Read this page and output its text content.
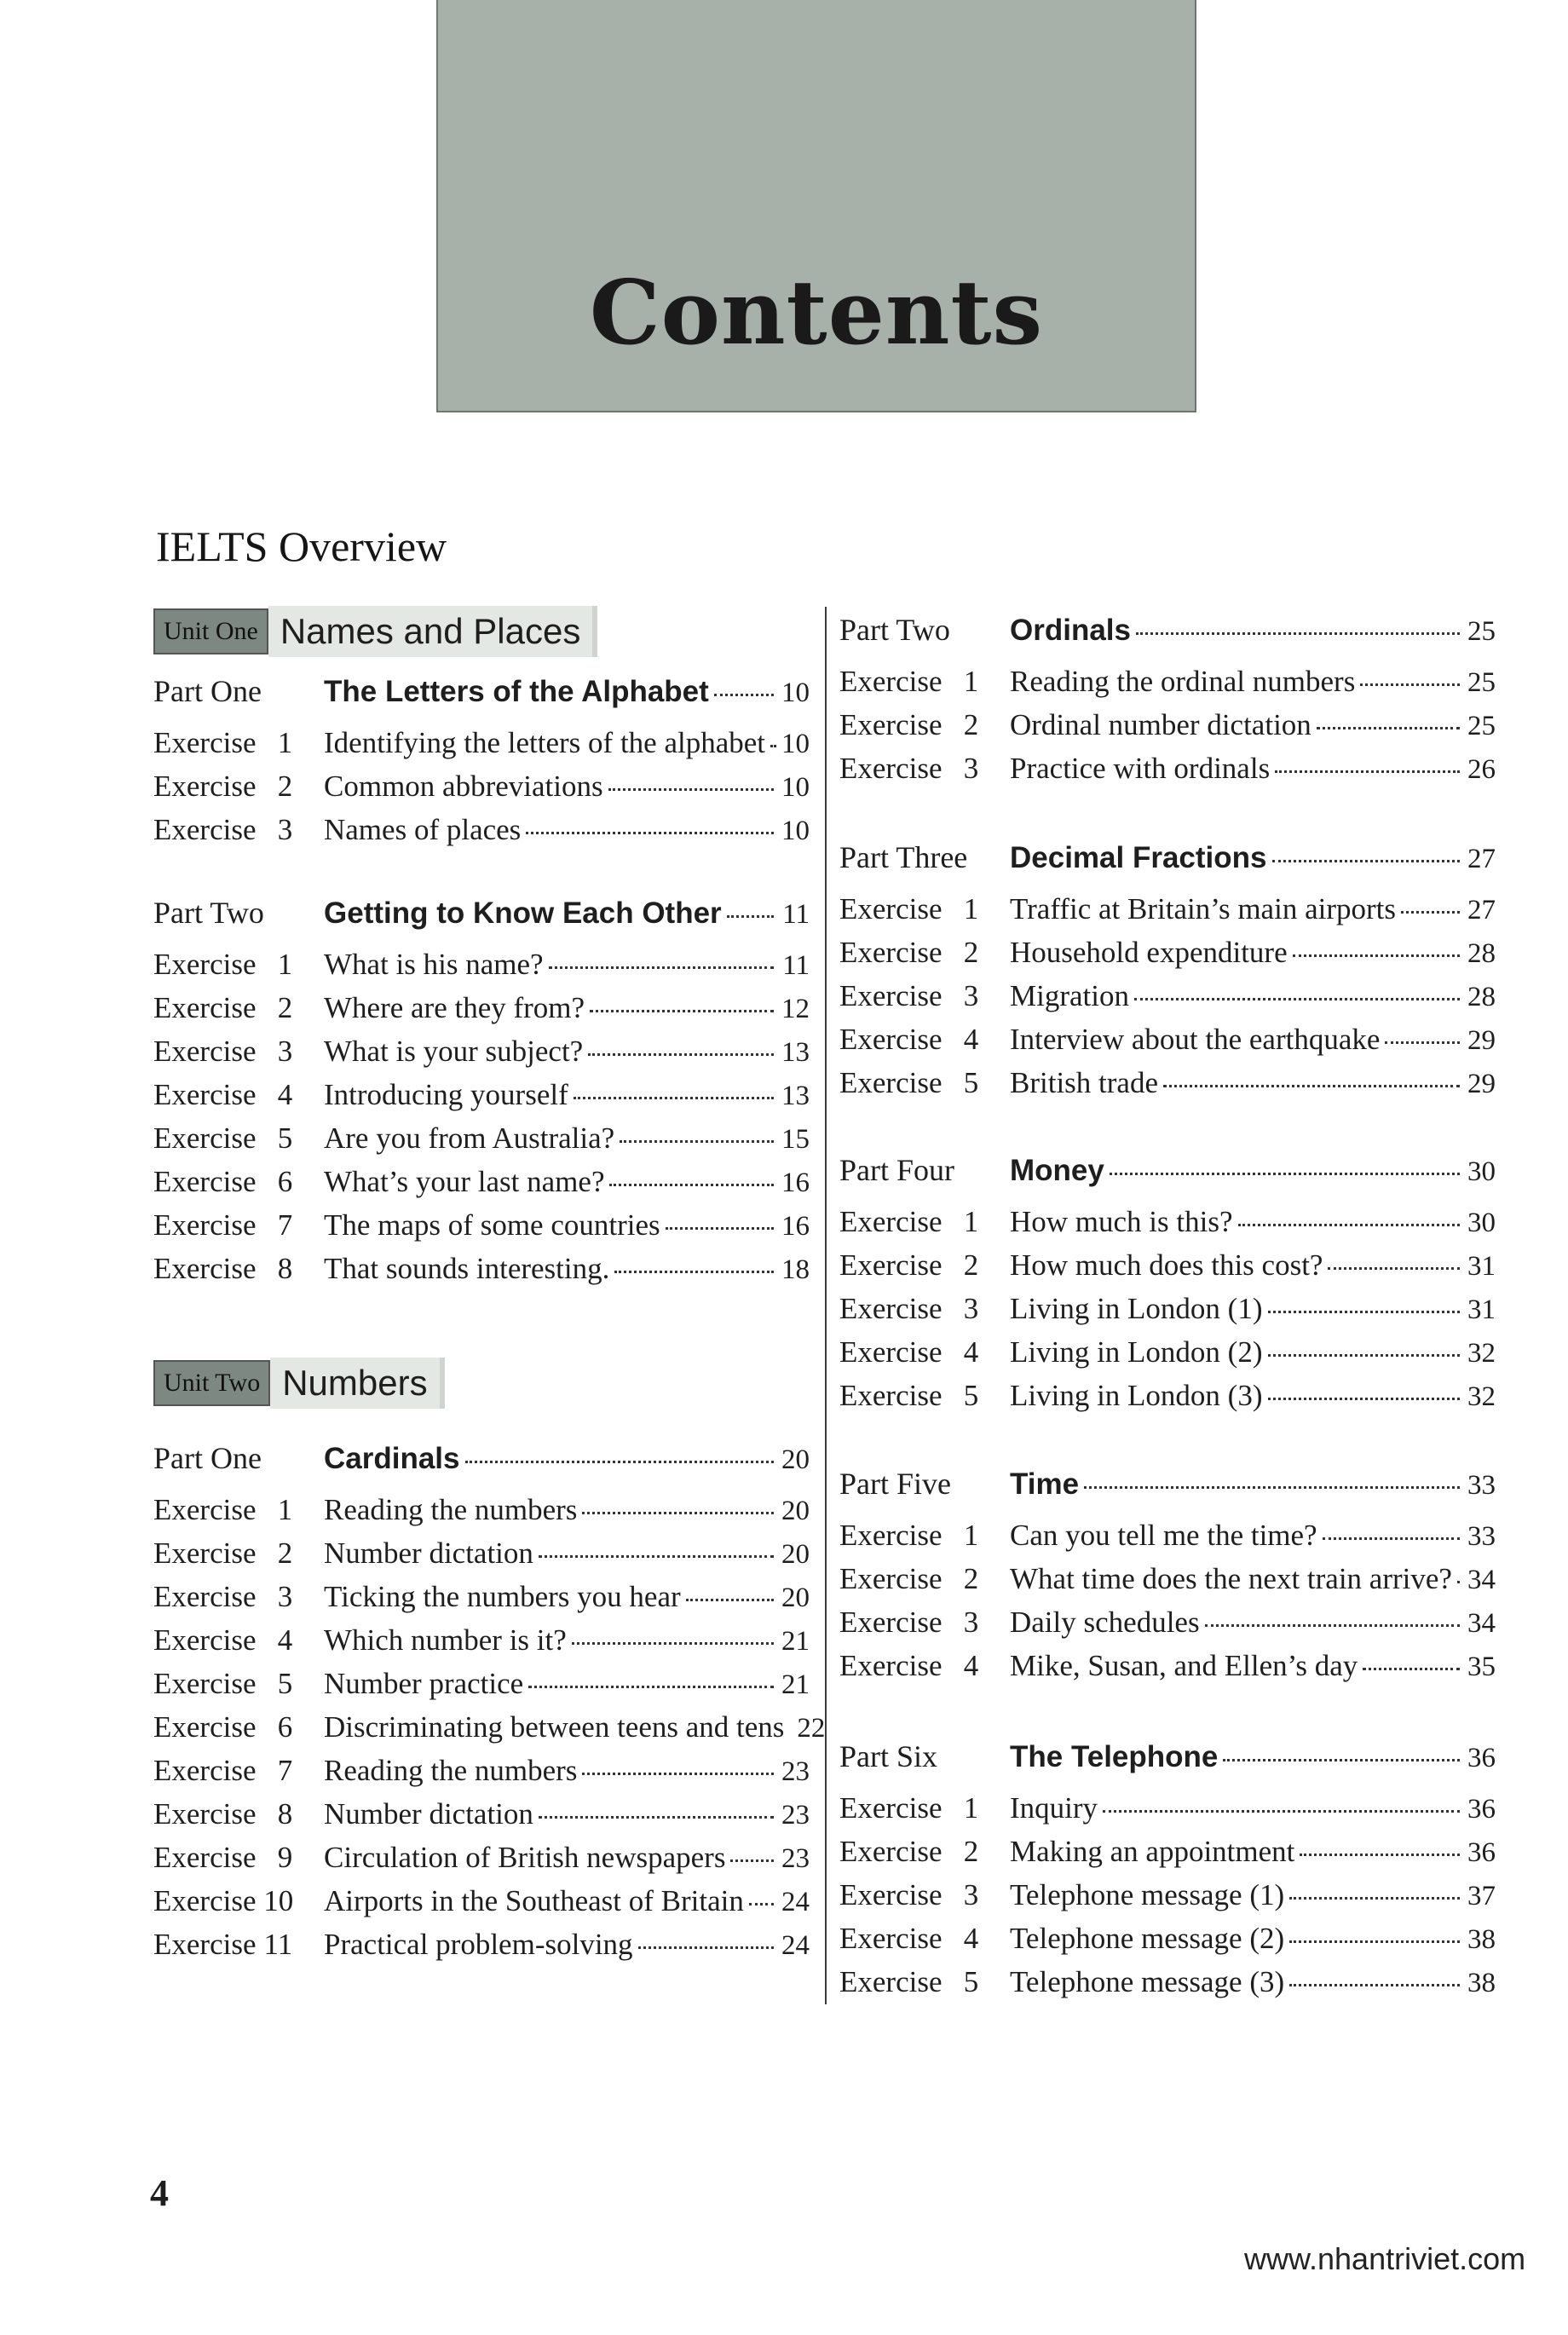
Contents
IELTS Overview
Unit One Names and Places
Part One	The Letters of the Alphabet	10
Exercise 1	Identifying the letters of the alphabet 10
Exercise 2	Common abbreviations	10
Exercise 3	Names of places	10
Part Two	Getting to Know Each Other 11
Exercise 1	What is his name?	11
Exercise 2	Where are they from?	12
Exercise 3	What is your subject?	13
Exercise 4	Introducing yourself	13
Exercise 5	Are you from Australia?	15
Exercise 6	What’s your last name?	16
Exercise 7	The maps of some countries	16
Exercise 8	That sounds interesting.	18
Unit Two Numbers
Part One	Cardinals	20
Exercise 1	Reading the numbers	20
Exercise 2	Number dictation	20
Exercise 3	Ticking the numbers you hear	20
Exercise 4	Which number is it?	21
Exercise 5	Number practice	21
Exercise 6	Discriminating between teens and tens 22
Exercise 7	Reading the numbers	23
Exercise 8	Number dictation	23
Exercise 9	Circulation of British newspapers 23
Exercise 10	Airports in the Southeast of Britain 24
Exercise 11	Practical problem-solving	24
Part Two	Ordinals	25
Exercise 1	Reading the ordinal numbers	25
Exercise 2	Ordinal number dictation	25
Exercise 3	Practice with ordinals	26
Part Three	Decimal Fractions	27
Exercise 1	Traffic at Britain’s main airports	27
Exercise 2	Household expenditure	28
Exercise 3	Migration	28
Exercise 4	Interview about the earthquake	29
Exercise 5	British trade	29
Part Four	Money	30
Exercise 1	How much is this?	30
Exercise 2	How much does this cost?	31
Exercise 3	Living in London (1)	31
Exercise 4	Living in London (2)	32
Exercise 5	Living in London (3)	32
Part Five	Time	33
Exercise 1	Can you tell me the time?	33
Exercise 2	What time does the next train arrive? 34
Exercise 3	Daily schedules	34
Exercise 4	Mike, Susan, and Ellen’s day	35
Part Six	The Telephone	36
Exercise 1	Inquiry	36
Exercise 2	Making an appointment	36
Exercise 3	Telephone message (1)	37
Exercise 4	Telephone message (2)	38
Exercise 5	Telephone message (3)	38
4
www.nhantriviet.com
